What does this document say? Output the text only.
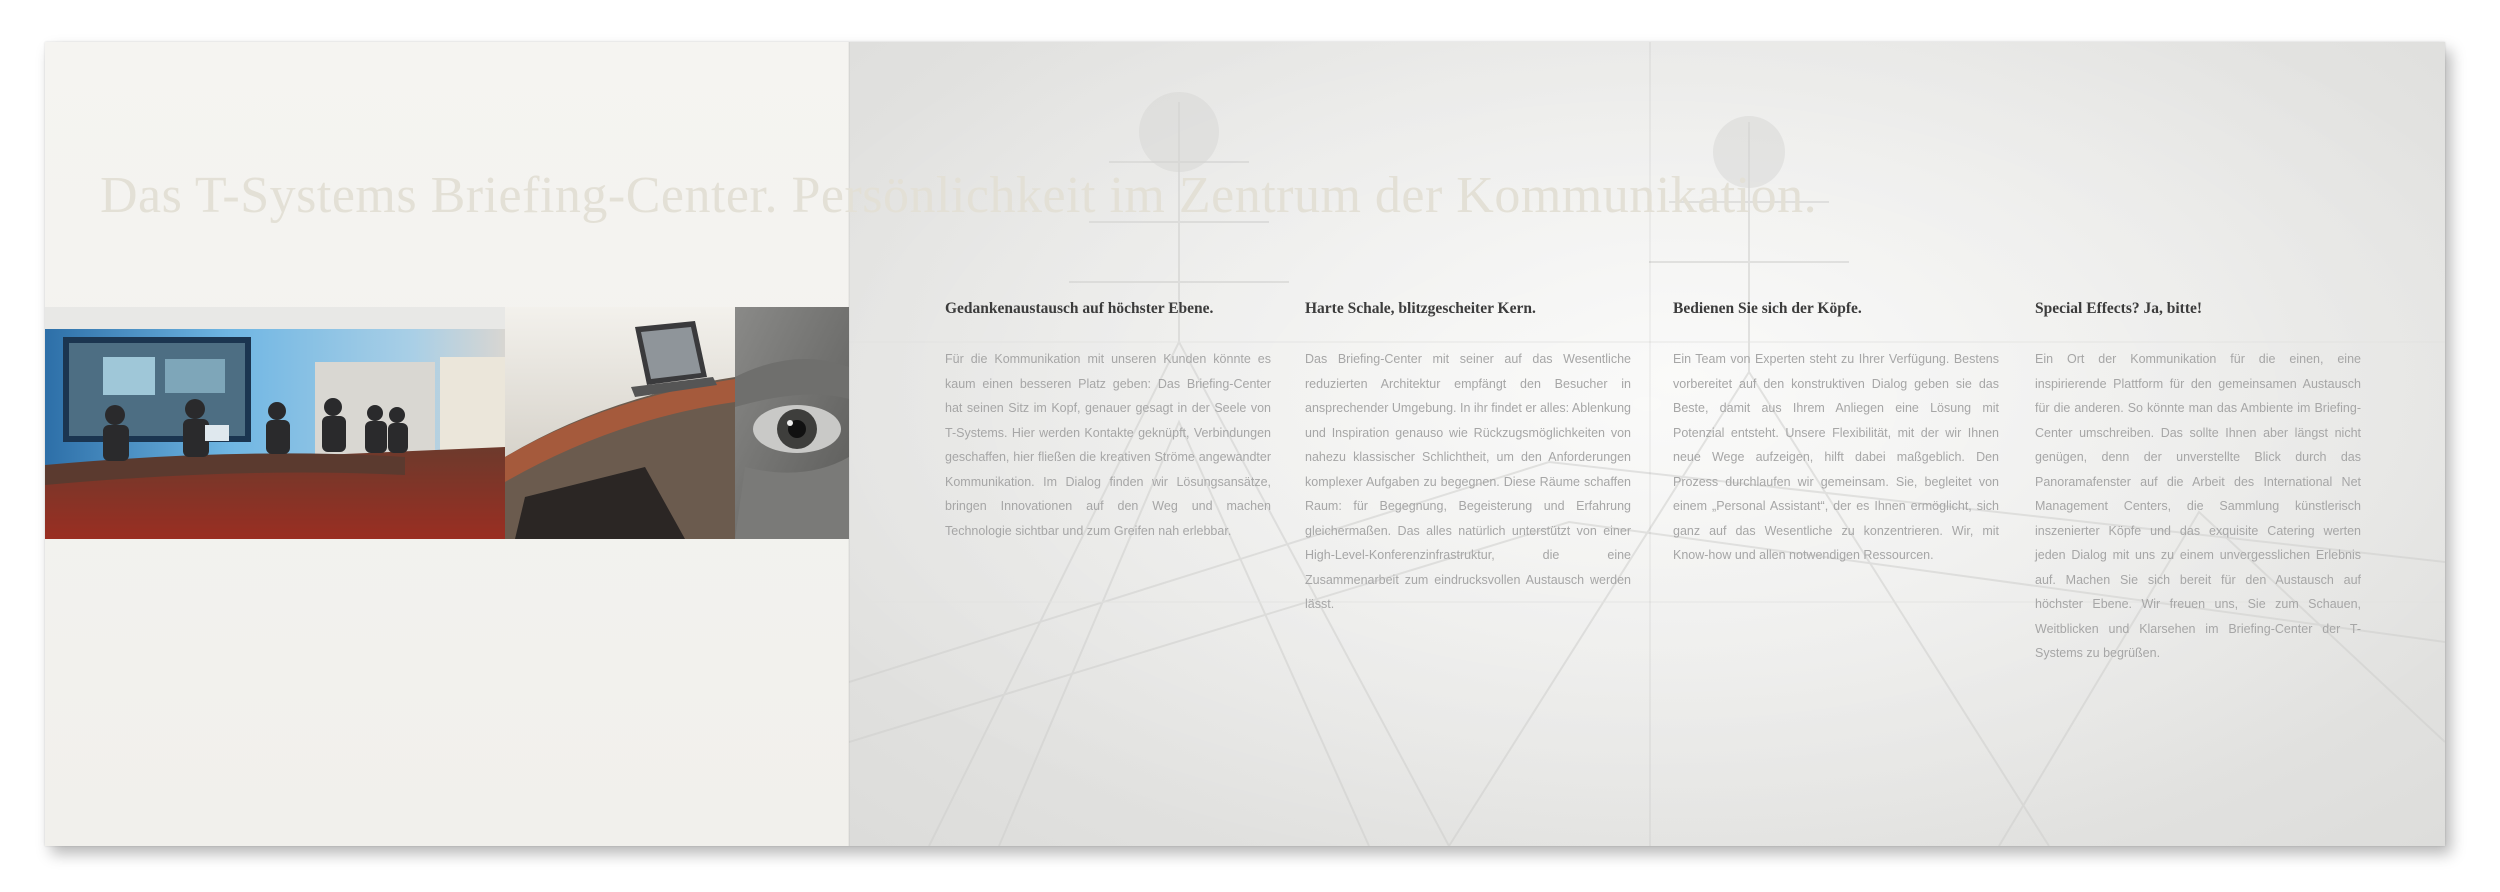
Das T-Systems Briefing-Center. Persönlichkeit im Zentrum der Kommunikation.
Gedankenaustausch auf höchster Ebene.

Für die Kommunikation mit unseren Kunden könnte es kaum einen besseren Platz geben: Das Briefing-Center hat seinen Sitz im Kopf, genauer gesagt in der Seele von T-Systems. Hier werden Kontakte geknüpft, Verbindungen geschaffen, hier fließen die kreativen Ströme angewandter Kommunikation. Im Dialog finden wir Lösungsansätze, bringen Innovationen auf den Weg und machen Technologie sichtbar und zum Greifen nah erlebbar.

Harte Schale, blitzgescheiter Kern.

Das Briefing-Center mit seiner auf das Wesentliche reduzierten Architektur empfängt den Besucher in ansprechender Umgebung. In ihr findet er alles: Ablenkung und Inspiration genauso wie Rückzugsmöglichkeiten von nahezu klassischer Schlichtheit, um den Anforderungen komplexer Aufgaben zu begegnen. Diese Räume schaffen Raum: für Begegnung, Begeisterung und Erfahrung gleichermaßen. Das alles natürlich unterstützt von einer High-Level-Konferenzinfrastruktur, die eine Zusammenarbeit zum eindrucksvollen Austausch werden lässt.

Bedienen Sie sich der Köpfe.

Ein Team von Experten steht zu Ihrer Verfügung. Bestens vorbereitet auf den konstruktiven Dialog geben sie das Beste, damit aus Ihrem Anliegen eine Lösung mit Potenzial entsteht. Unsere Flexibilität, mit der wir Ihnen neue Wege aufzeigen, hilft dabei maßgeblich. Den Prozess durchlaufen wir gemeinsam. Sie, begleitet von einem „Personal Assistant“, der es Ihnen ermöglicht, sich ganz auf das Wesentliche zu konzentrieren. Wir, mit Know-how und allen notwendigen Ressourcen.

Special Effects? Ja, bitte!

Ein Ort der Kommunikation für die einen, eine inspirierende Plattform für den gemeinsamen Austausch für die anderen. So könnte man das Ambiente im Briefing-Center umschreiben. Das sollte Ihnen aber längst nicht genügen, denn der unverstellte Blick durch das Panoramafenster auf die Arbeit des International Net Management Centers, die Sammlung künstlerisch inszenierter Köpfe und das exquisite Catering werten jeden Dialog mit uns zu einem unvergesslichen Erlebnis auf. Machen Sie sich bereit für den Austausch auf höchster Ebene. Wir freuen uns, Sie zum Schauen, Weitblicken und Klarsehen im Briefing-Center der T-Systems zu begrüßen.
